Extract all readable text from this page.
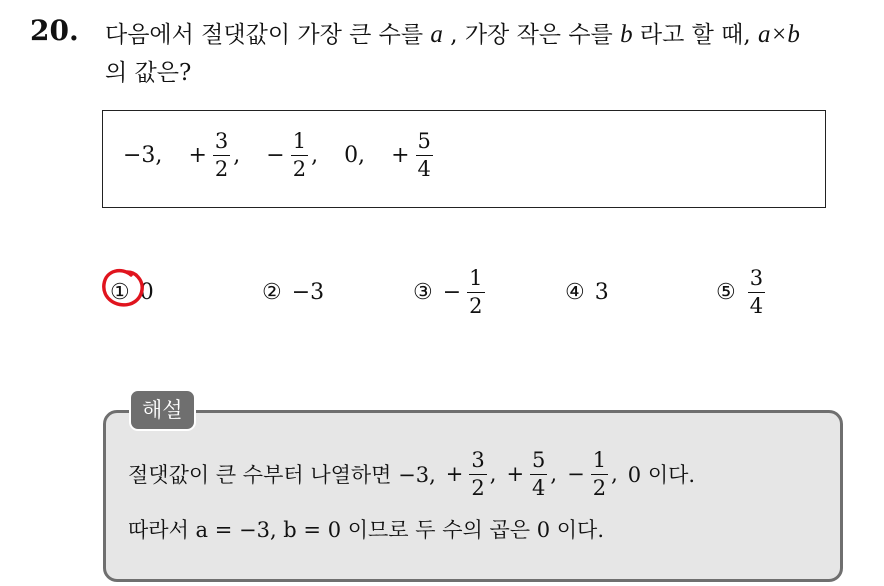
20. 다음에서 절댓값이 가장 큰 수를 a , 가장 작은 수를 b 라고 할 때, a×b
의 값은?
−3, + $\frac{3}{2}$ , − $\frac{1}{2}$ , 0, + $\frac{5}{4}$
① 0	② −3	③ − $\frac{1}{2}$	④ 3	⑤ $\frac{3}{4}$
해설
절댓값이 큰 수부터 나열하면 −3, + $\frac{3}{2}$ , + $\frac{5}{4}$ , − $\frac{1}{2}$ , 0 이다.
따라서 a = −3, b = 0 이므로 두 수의 곱은 0 이다.
